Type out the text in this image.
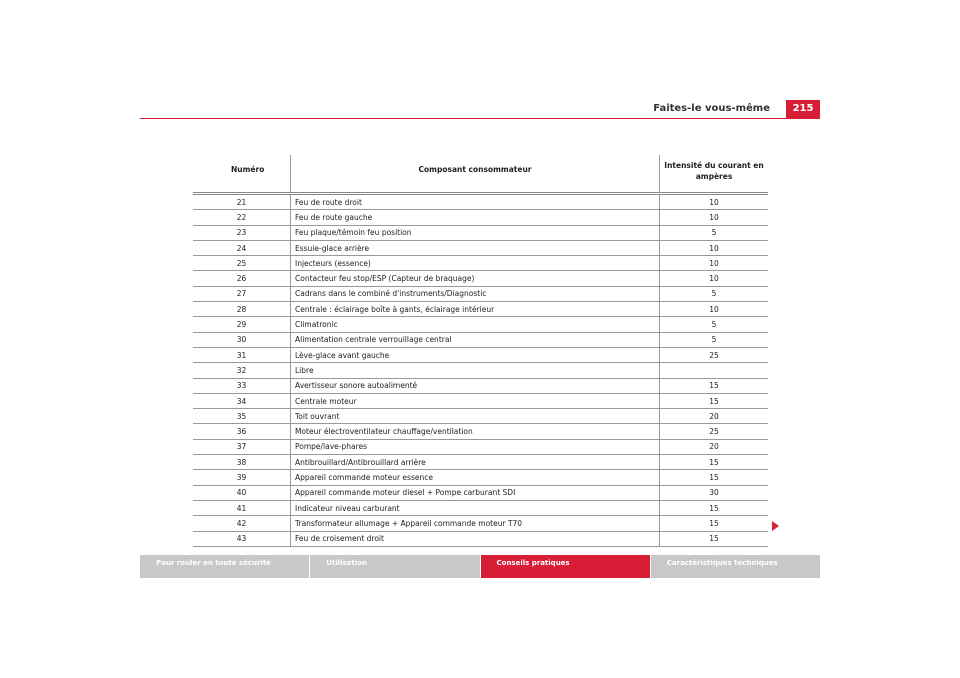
Faites-le vous-même	215
Numéro	Composant consommateur	Intensité du courant en ampères
21	Feu de route droit	10
22	Feu de route gauche	10
23	Feu plaque/témoin feu position	5
24	Essuie-glace arrière	10
25	Injecteurs (essence)	10
26	Contacteur feu stop/ESP (Capteur de braquage)	10
27	Cadrans dans le combiné d'instruments/Diagnostic	5
28	Centrale : éclairage boîte à gants, éclairage intérieur	10
29	Climatronic	5
30	Alimentation centrale verrouillage central	5
31	Lève-glace avant gauche	25
32	Libre	
33	Avertisseur sonore autoalimenté	15
34	Centrale moteur	15
35	Toit ouvrant	20
36	Moteur électroventilateur chauffage/ventilation	25
37	Pompe/lave-phares	20
38	Antibrouillard/Antibrouillard arrière	15
39	Appareil commande moteur essence	15
40	Appareil commande moteur diesel + Pompe carburant SDI	30
41	Indicateur niveau carburant	15
42	Transformateur allumage + Appareil commande moteur T70	15
43	Feu de croisement droit	15
Pour rouler en toute sécurité	Utilisation	Conseils pratiques	Caractéristiques techniques
